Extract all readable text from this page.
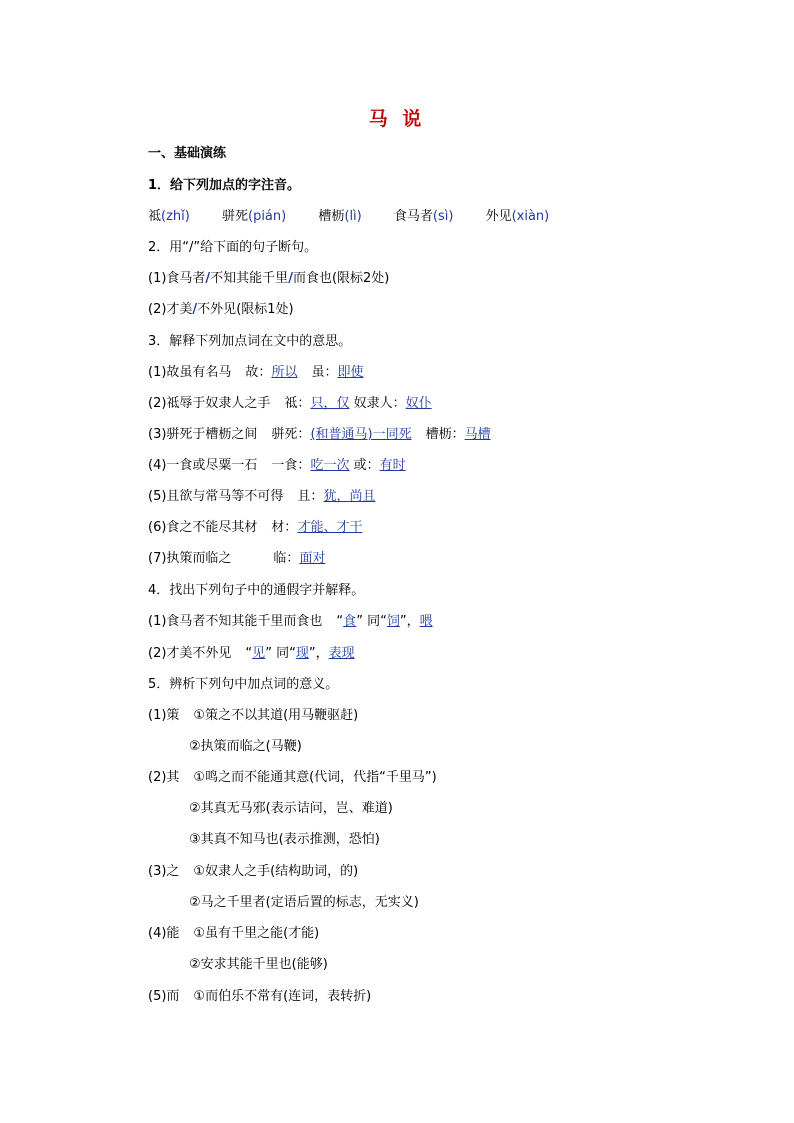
马 说
一、基础演练
1．给下列加点的字注音。
祗(zhǐ) 骈死(pián) 槽枥(lì) 食马者(sì) 外见(xiàn)
2．用“/”给下面的句子断句。
(1)食马者/不知其能千里/而食也(限标2处)
(2)才美/不外见(限标1处)
3．解释下列加点词在文中的意思。
(1)故虽有名马 故：所以 虽：即使
(2)祗辱于奴隶人之手 祗：只，仅 奴隶人：奴仆
(3)骈死于槽枥之间 骈死：(和普通马)一同死 槽枥：马槽
(4)一食或尽粟一石 一食：吃一次 或：有时
(5)且欲与常马等不可得 且：犹，尚且
(6)食之不能尽其材 材：才能、才干
(7)执策而临之	临：面对
4．找出下列句子中的通假字并解释。
(1)食马者不知其能千里而食也 “食” 同“饲”，喂
(2)才美不外见 “见” 同“现”，表现
5．辨析下列句中加点词的意义。
(1)策 ①策之不以其道(用马鞭驱赶)
②执策而临之(马鞭)
(2)其 ①鸣之而不能通其意(代词，代指“千里马”)
②其真无马邪(表示诘问，岂、难道)
③其真不知马也(表示推测，恐怕)
(3)之 ①奴隶人之手(结构助词，的)
②马之千里者(定语后置的标志，无实义)
(4)能 ①虽有千里之能(才能)
②安求其能千里也(能够)
(5)而 ①而伯乐不常有(连词，表转折)
